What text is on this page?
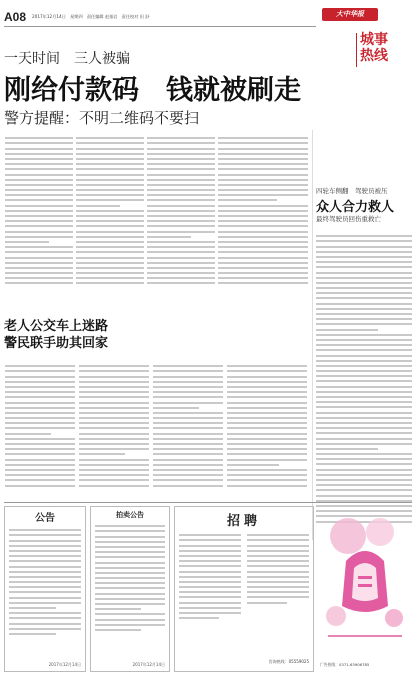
A08 2017年12月14日　星期四　责任编辑 赵基岩　责任校对 田 舒	大中华报
城事
热线
一天时间　三人被骗
刚给付款码　钱就被刷走
警方提醒：不明二维码不要扫
四轮车侧翻　驾驶员被压
众人合力救人
最终驾驶员回伤重救亡
老人公交车上迷路
警民联手助其回家
公告
2017年12月14日
拍卖公告
2017年12月14日
招聘
咨询热线：05559025
广告热线：0371-63906785
